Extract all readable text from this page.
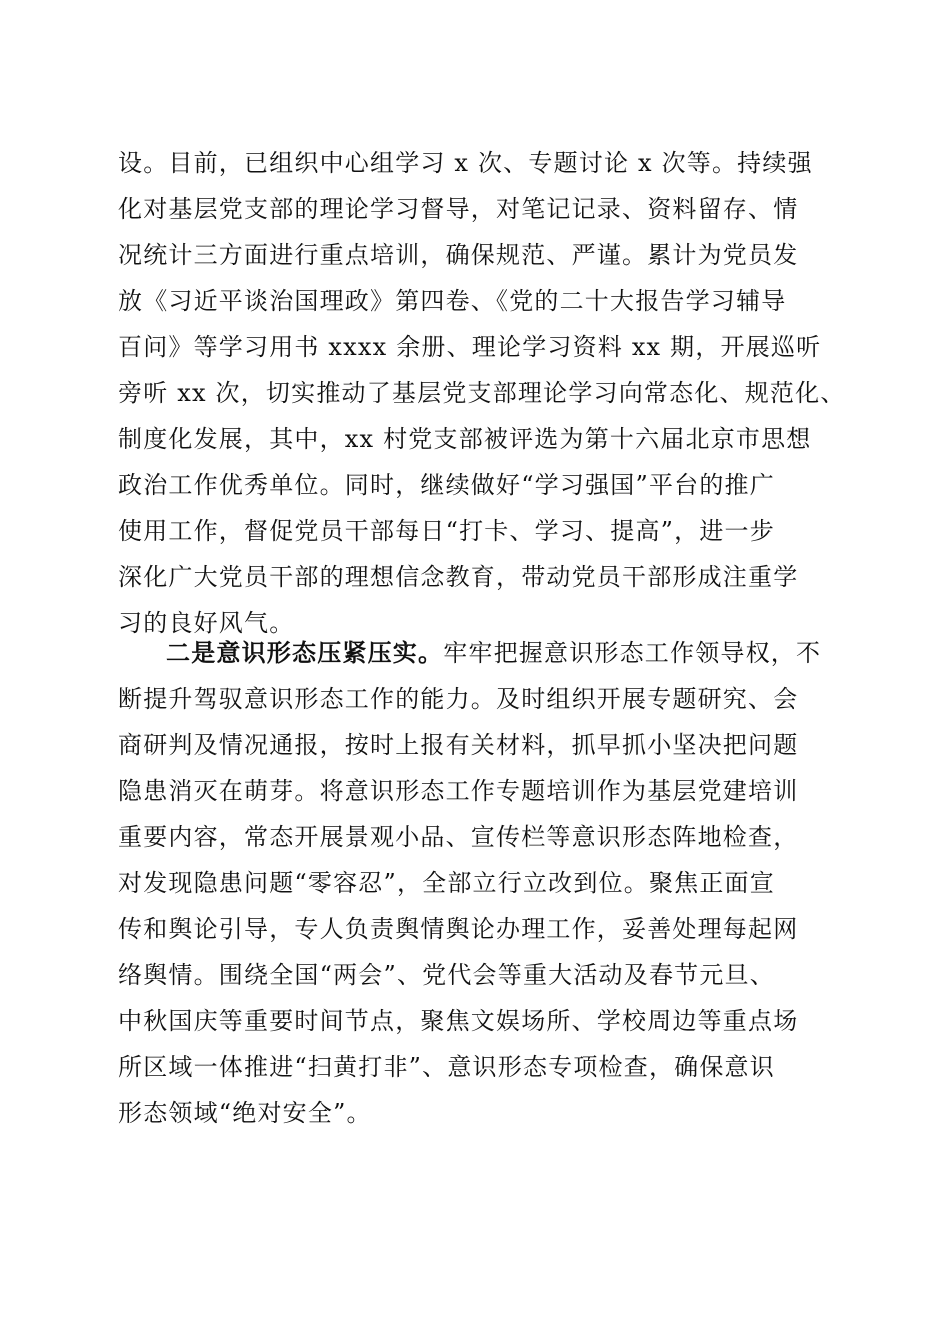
设。目前，已组织中心组学习 x 次、专题讨论 x 次等。持续强
化对基层党支部的理论学习督导，对笔记记录、资料留存、情
况统计三方面进行重点培训，确保规范、严谨。累计为党员发
放《习近平谈治国理政》第四卷、《党的二十大报告学习辅导
百问》等学习用书 xxxx 余册、理论学习资料 xx 期，开展巡听
旁听 xx 次，切实推动了基层党支部理论学习向常态化、规范化、
制度化发展，其中，xx 村党支部被评选为第十六届北京市思想
政治工作优秀单位。同时，继续做好“学习强国”平台的推广
使用工作，督促党员干部每日“打卡、学习、提高”，进一步
深化广大党员干部的理想信念教育，带动党员干部形成注重学
习的良好风气。
二是意识形态压紧压实。牢牢把握意识形态工作领导权，不
断提升驾驭意识形态工作的能力。及时组织开展专题研究、会
商研判及情况通报，按时上报有关材料，抓早抓小坚决把问题
隐患消灭在萌芽。将意识形态工作专题培训作为基层党建培训
重要内容，常态开展景观小品、宣传栏等意识形态阵地检查，
对发现隐患问题“零容忍”，全部立行立改到位。聚焦正面宣
传和舆论引导，专人负责舆情舆论办理工作，妥善处理每起网
络舆情。围绕全国“两会”、党代会等重大活动及春节元旦、
中秋国庆等重要时间节点，聚焦文娱场所、学校周边等重点场
所区域一体推进“扫黄打非”、意识形态专项检查，确保意识
形态领域“绝对安全”。
